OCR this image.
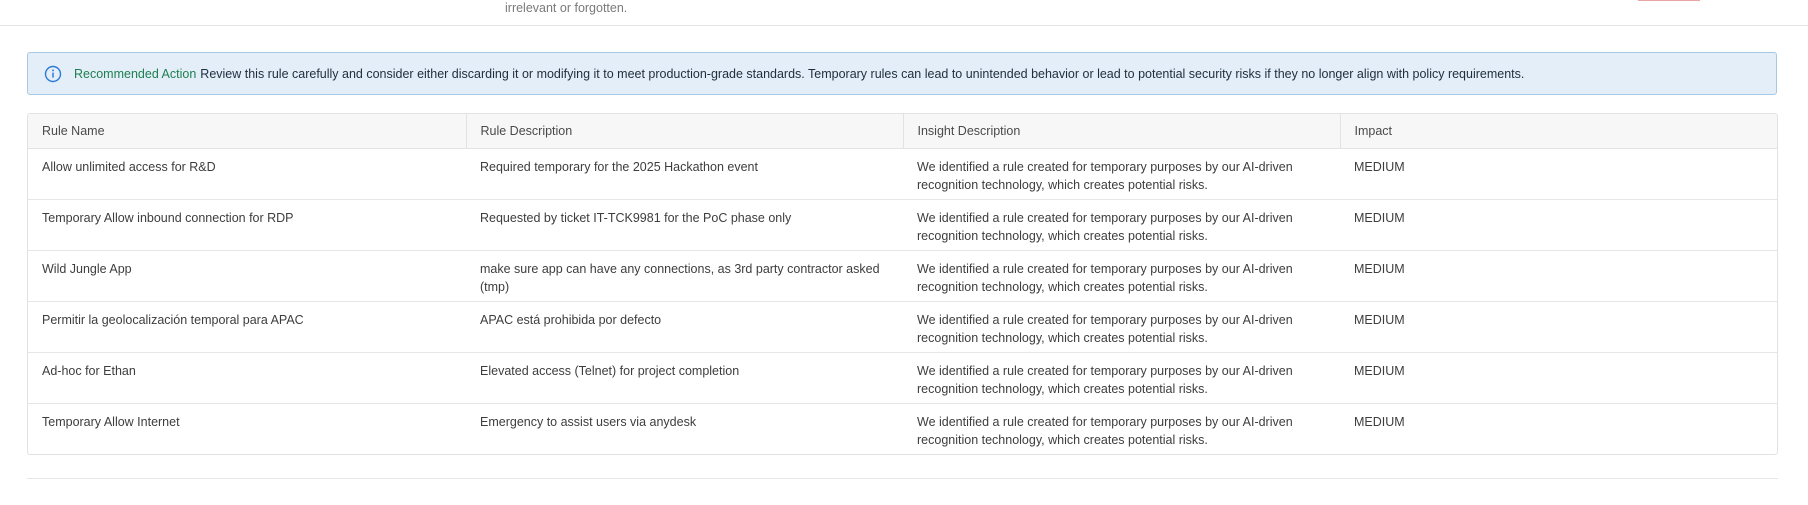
irrelevant or forgotten.
Recommended Action Review this rule carefully and consider either discarding it or modifying it to meet production-grade standards. Temporary rules can lead to unintended behavior or lead to potential security risks if they no longer align with policy requirements.
Rule Name	Rule Description	Insight Description	Impact
Allow unlimited access for R&D	Required temporary for the 2025 Hackathon event	We identified a rule created for temporary purposes by our AI-driven
recognition technology, which creates potential risks.	MEDIUM
Temporary Allow inbound connection for RDP	Requested by ticket IT-TCK9981 for the PoC phase only	We identified a rule created for temporary purposes by our AI-driven
recognition technology, which creates potential risks.	MEDIUM
Wild Jungle App	make sure app can have any connections, as 3rd party contractor asked (tmp)	We identified a rule created for temporary purposes by our AI-driven
recognition technology, which creates potential risks.	MEDIUM
Permitir la geolocalización temporal para APAC	APAC está prohibida por defecto	We identified a rule created for temporary purposes by our AI-driven
recognition technology, which creates potential risks.	MEDIUM
Ad-hoc for Ethan	Elevated access (Telnet) for project completion	We identified a rule created for temporary purposes by our AI-driven
recognition technology, which creates potential risks.	MEDIUM
Temporary Allow Internet	Emergency to assist users via anydesk	We identified a rule created for temporary purposes by our AI-driven
recognition technology, which creates potential risks.	MEDIUM
